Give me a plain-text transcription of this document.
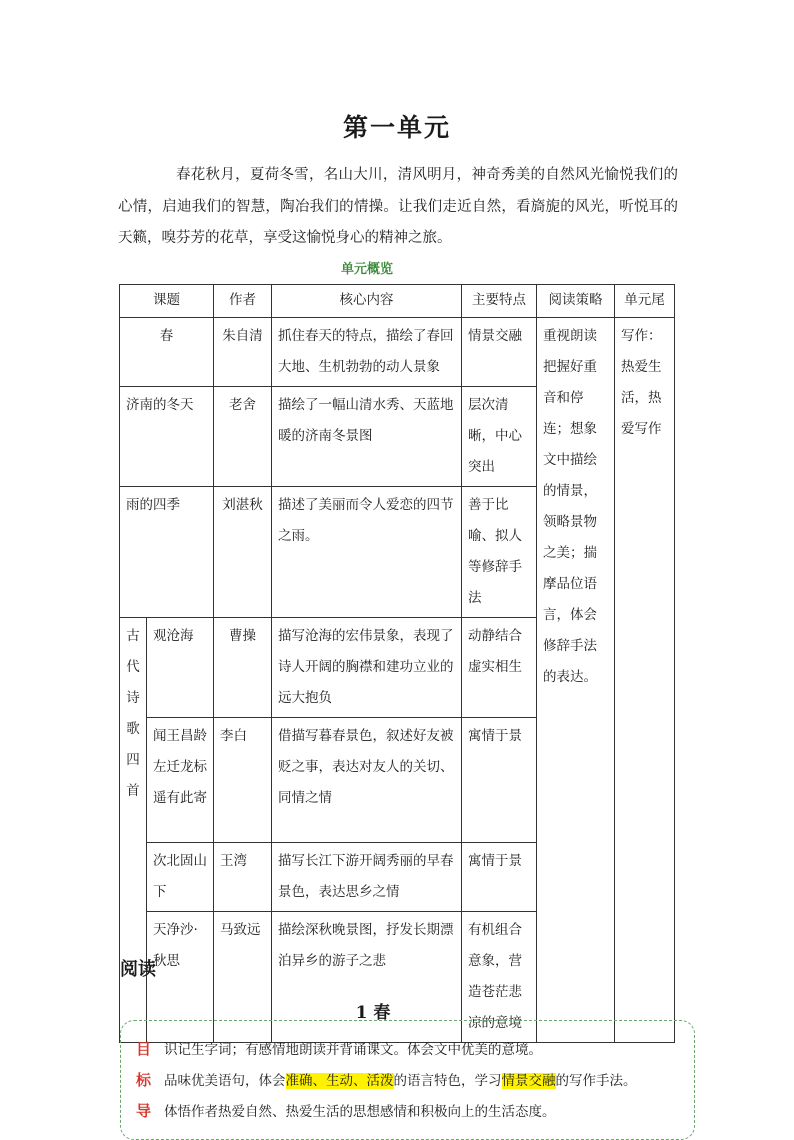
第一单元
春花秋月，夏荷冬雪，名山大川，清风明月，神奇秀美的自然风光愉悦我们的心情，启迪我们的智慧，陶冶我们的情操。让我们走近自然，看旖旎的风光，听悦耳的天籁，嗅芬芳的花草，享受这愉悦身心的精神之旅。
单元概览
课题		作者	核心内容	主要特点	阅读策略	单元尾
春		朱自清	抓住春天的特点，描绘了春回大地、生机勃勃的动人景象	情景交融	重视朗读把握好重音和停连；想象文中描绘的情景，领略景物之美；揣摩品位语言，体会修辞手法的表达。	写作：热爱生活，热爱写作
济南的冬天		老舍	描绘了一幅山清水秀、天蓝地暖的济南冬景图	层次清晰，中心突出		
雨的四季		刘湛秋	描述了美丽而令人爱恋的四节之雨。	善于比喻、拟人等修辞手法		
古代诗歌四首	观沧海	曹操	描写沧海的宏伟景象，表现了诗人开阔的胸襟和建功立业的远大抱负	动静结合虚实相生		
	闻王昌龄左迁龙标遥有此寄	李白	借描写暮春景色，叙述好友被贬之事，表达对友人的关切、同情之情	寓情于景		
	次北固山下	王湾	描写长江下游开阔秀丽的早春景色，表达思乡之情	寓情于景		
	天净沙·秋思	马致远	描绘深秋晚景图，抒发长期漂泊异乡的游子之悲	有机组合意象，营造苍茫悲凉的意境		
阅读
1 春
目 识记生字词；有感情地朗读并背诵课文。体会文中优美的意境。
标 品味优美语句，体会准确、生动、活泼的语言特色，学习情景交融的写作手法。
导 体悟作者热爱自然、热爱生活的思想感情和积极向上的生活态度。
